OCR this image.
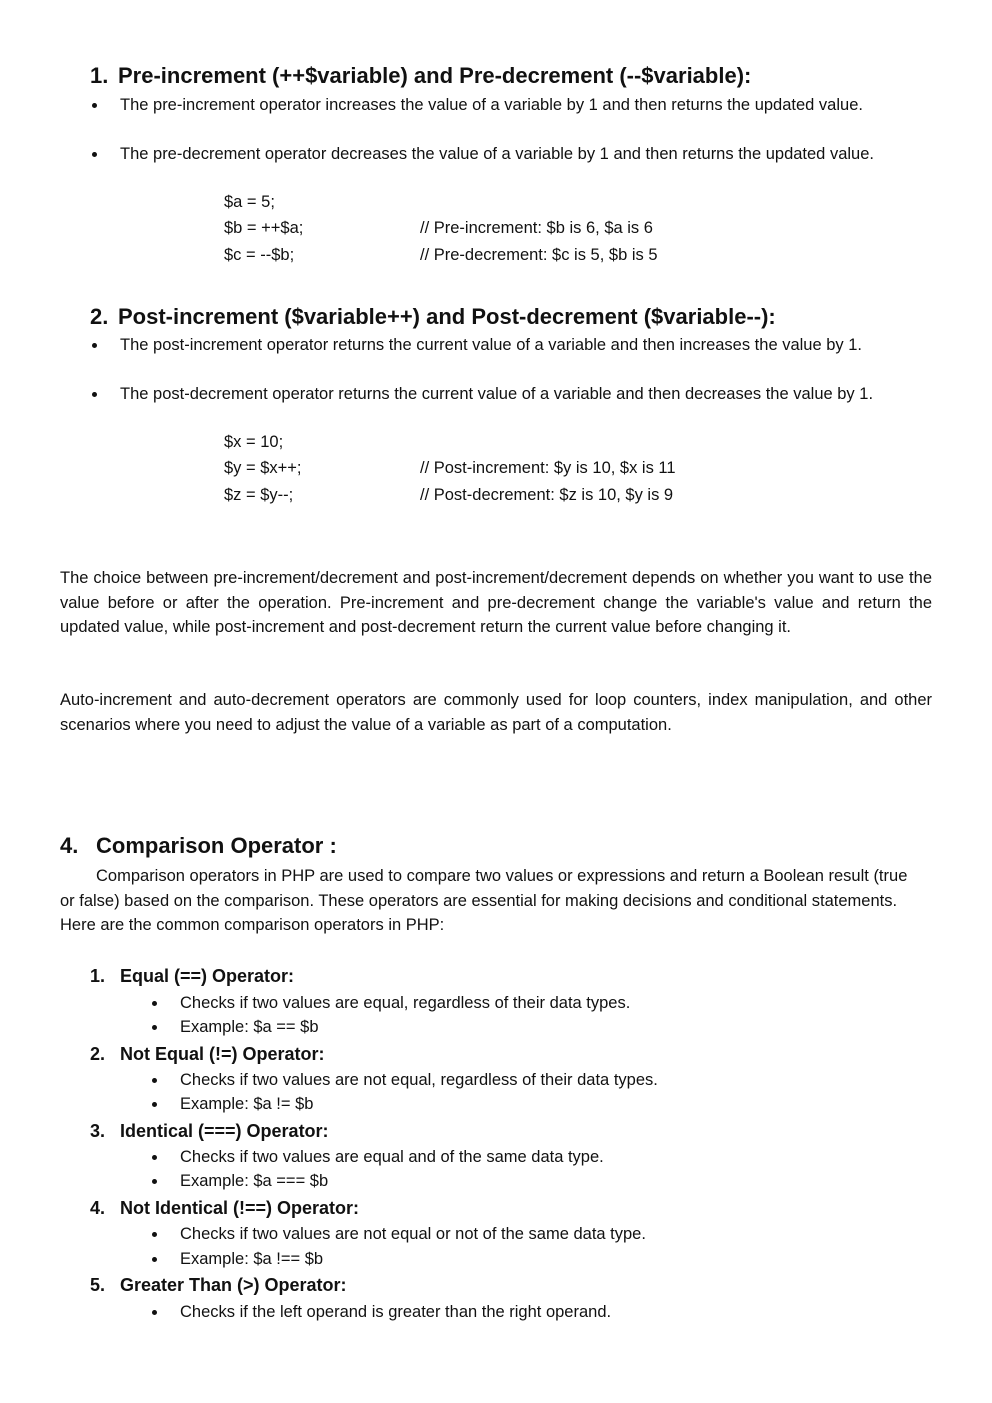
1. Pre-increment (++$variable) and Pre-decrement (--$variable):
The pre-increment operator increases the value of a variable by 1 and then returns the updated value.
The pre-decrement operator decreases the value of a variable by 1 and then returns the updated value.
$a = 5;
$b = ++$a;	// Pre-increment: $b is 6, $a is 6
$c = --$b;	// Pre-decrement: $c is 5, $b is 5
2. Post-increment ($variable++) and Post-decrement ($variable--):
The post-increment operator returns the current value of a variable and then increases the value by 1.
The post-decrement operator returns the current value of a variable and then decreases the value by 1.
$x = 10;
$y = $x++;	// Post-increment: $y is 10, $x is 11
$z = $y--;	// Post-decrement: $z is 10, $y is 9
The choice between pre-increment/decrement and post-increment/decrement depends on whether you want to use the value before or after the operation. Pre-increment and pre-decrement change the variable's value and return the updated value, while post-increment and post-decrement return the current value before changing it.
Auto-increment and auto-decrement operators are commonly used for loop counters, index manipulation, and other scenarios where you need to adjust the value of a variable as part of a computation.
4. Comparison Operator :
Comparison operators in PHP are used to compare two values or expressions and return a Boolean result (true or false) based on the comparison. These operators are essential for making decisions and conditional statements. Here are the common comparison operators in PHP:
1. Equal (==) Operator:
Checks if two values are equal, regardless of their data types.
Example: $a == $b
2. Not Equal (!=) Operator:
Checks if two values are not equal, regardless of their data types.
Example: $a != $b
3. Identical (===) Operator:
Checks if two values are equal and of the same data type.
Example: $a === $b
4. Not Identical (!==) Operator:
Checks if two values are not equal or not of the same data type.
Example: $a !== $b
5. Greater Than (>) Operator:
Checks if the left operand is greater than the right operand.
